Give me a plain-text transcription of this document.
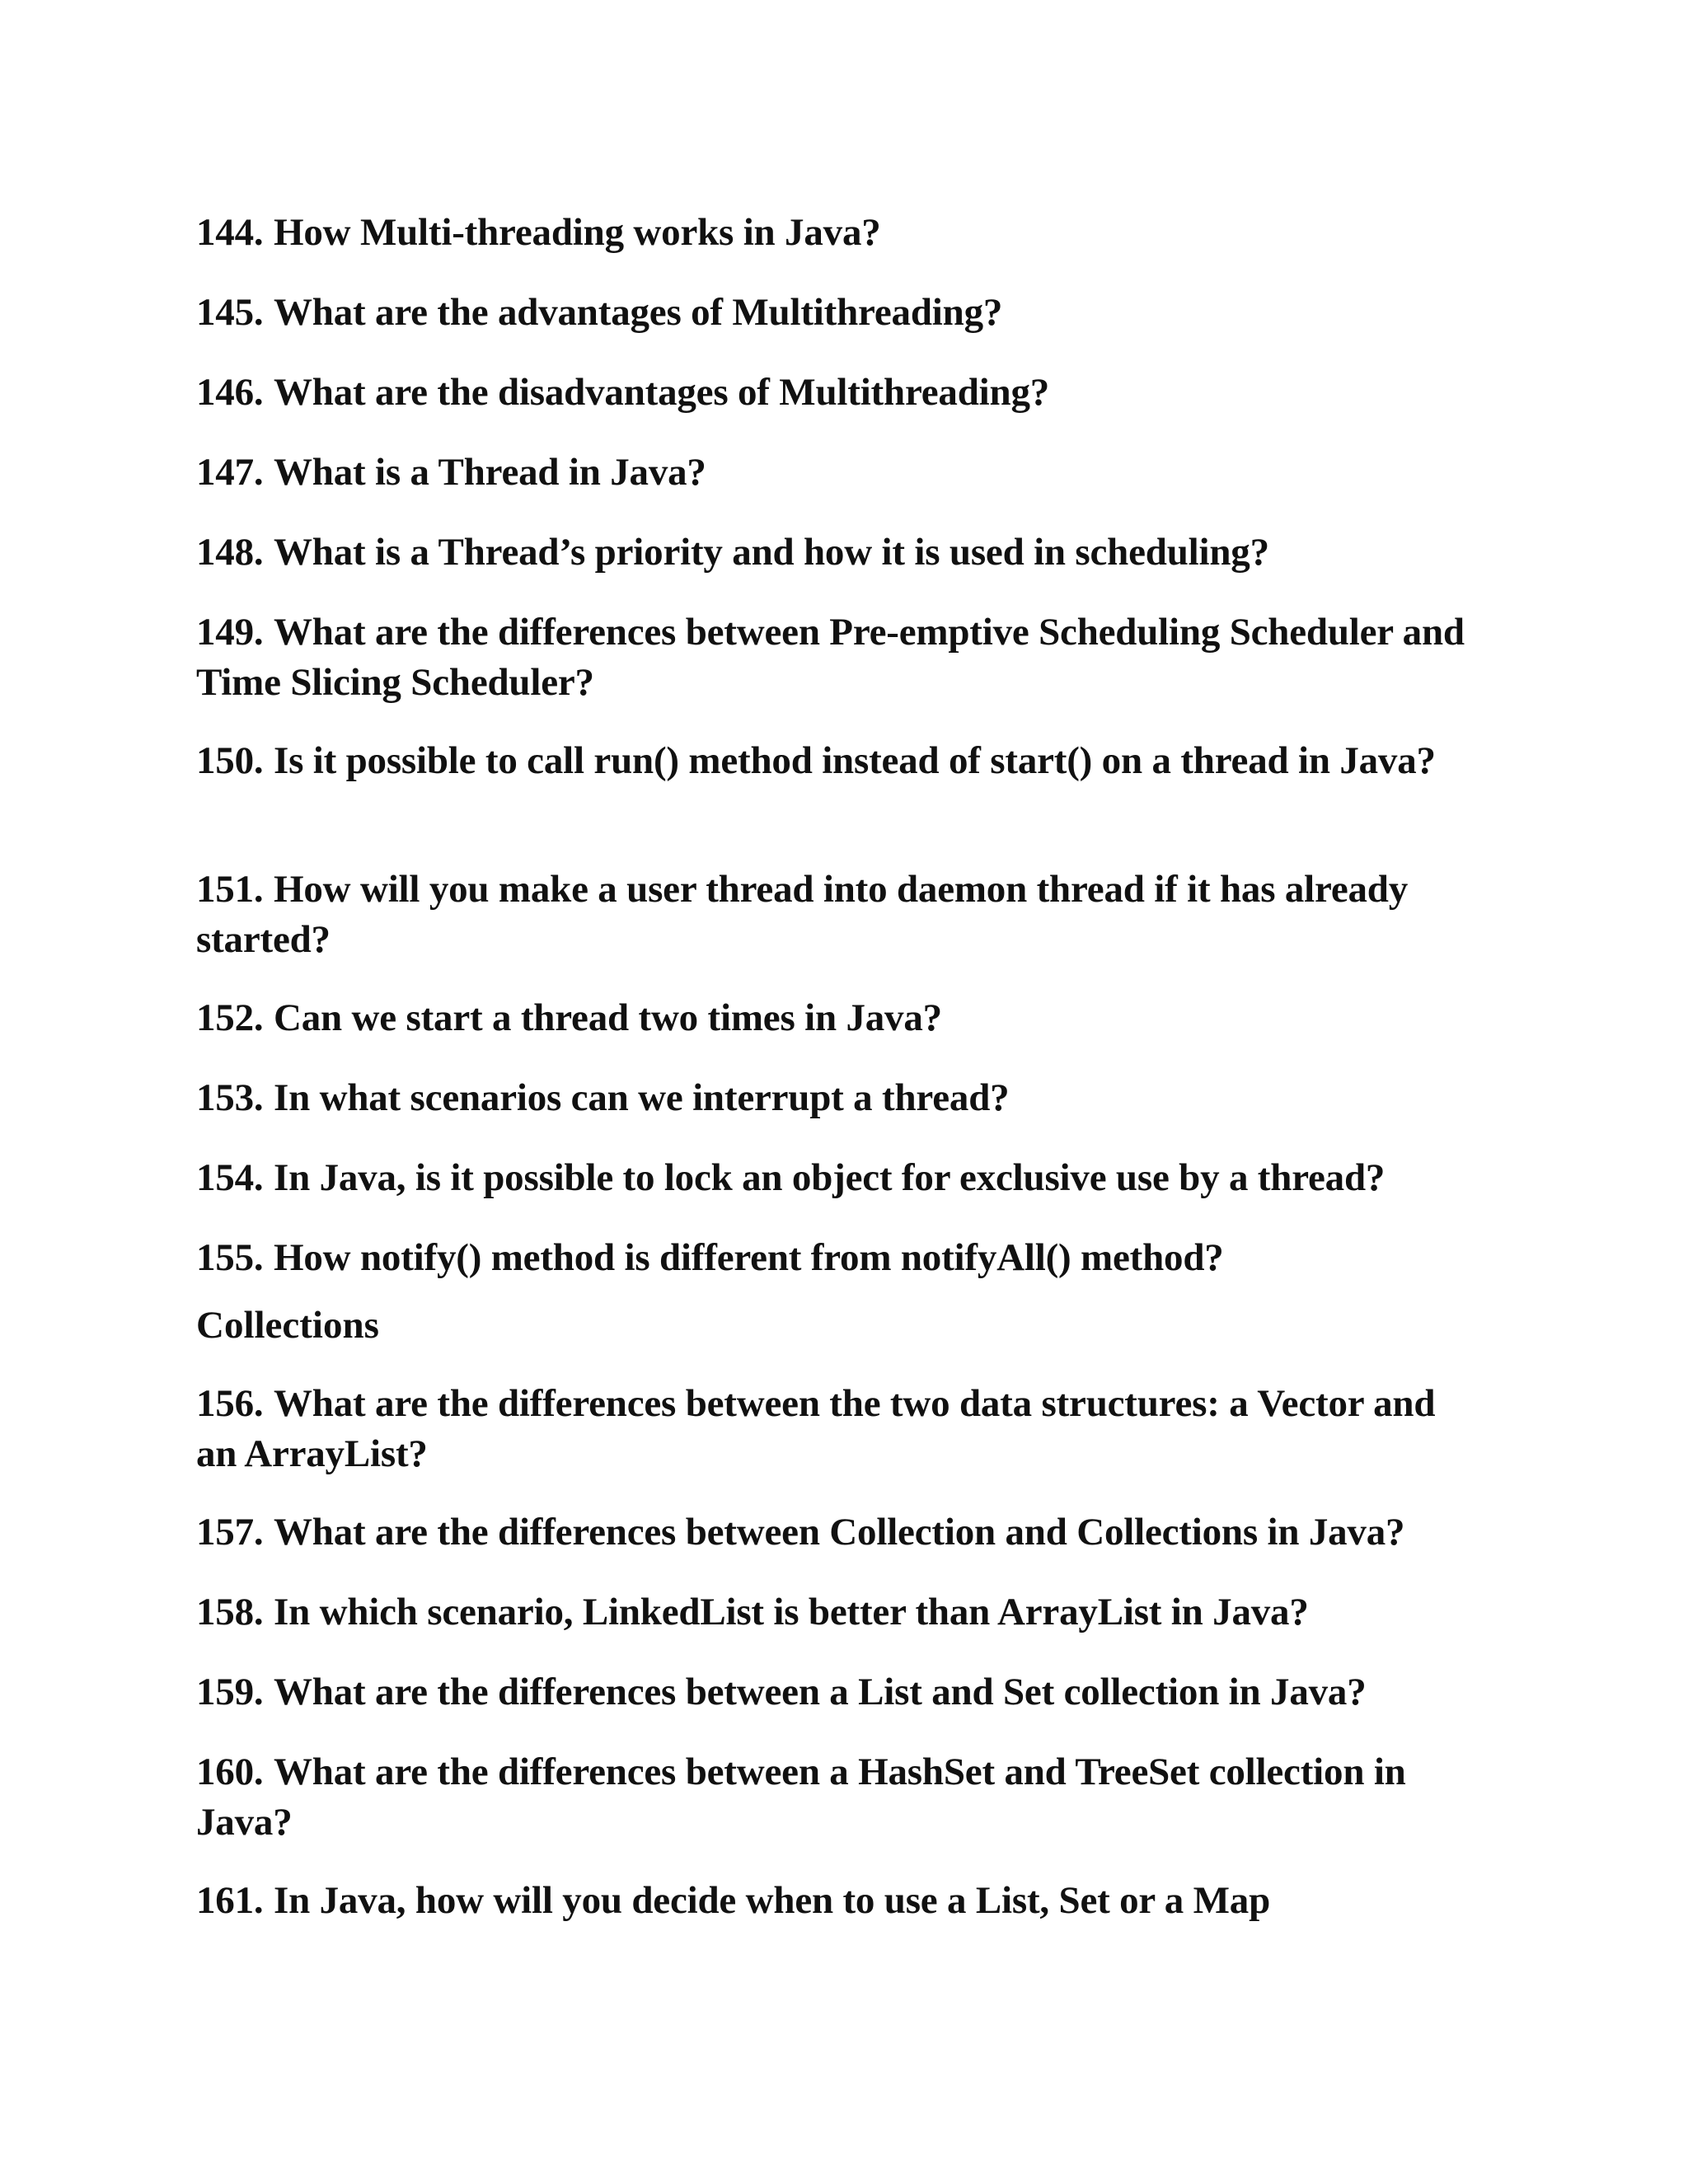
144. How Multi-threading works in Java?

145. What are the advantages of Multithreading?

146. What are the disadvantages of Multithreading?

147. What is a Thread in Java?

148. What is a Thread’s priority and how it is used in scheduling?

149. What are the differences between Pre-emptive Scheduling Scheduler and Time Slicing Scheduler?

150. Is it possible to call run() method instead of start() on a thread in Java?

151. How will you make a user thread into daemon thread if it has already started?

152. Can we start a thread two times in Java?

153. In what scenarios can we interrupt a thread?

154. In Java, is it possible to lock an object for exclusive use by a thread?

155. How notify() method is different from notifyAll() method?

Collections

156. What are the differences between the two data structures: a Vector and an ArrayList?

157. What are the differences between Collection and Collections in Java?

158. In which scenario, LinkedList is better than ArrayList in Java?

159. What are the differences between a List and Set collection in Java?

160. What are the differences between a HashSet and TreeSet collection in Java?

161. In Java, how will you decide when to use a List, Set or a Map
